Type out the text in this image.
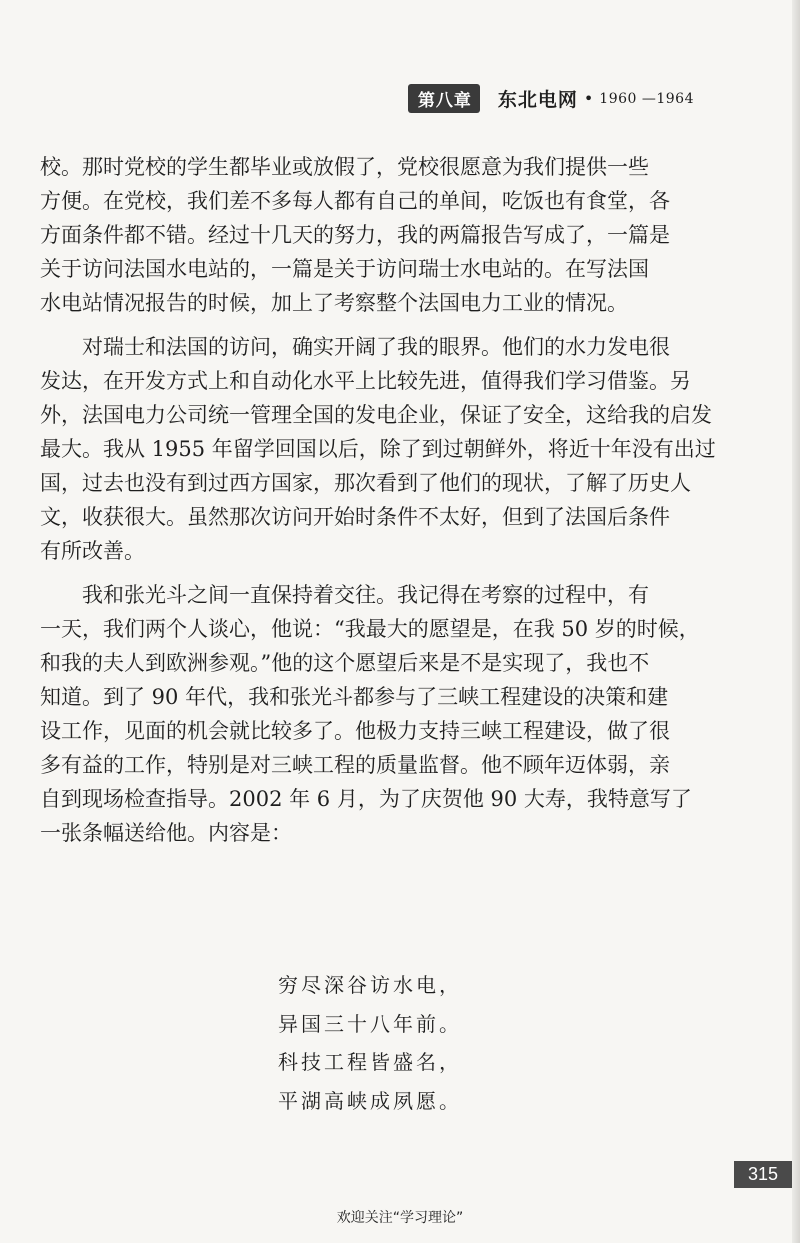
第八章	东北电网 • 1960 —1964
校。那时党校的学生都毕业或放假了，党校很愿意为我们提供一些
方便。在党校，我们差不多每人都有自己的单间，吃饭也有食堂，各
方面条件都不错。经过十几天的努力，我的两篇报告写成了，一篇是
关于访问法国水电站的，一篇是关于访问瑞士水电站的。在写法国
水电站情况报告的时候，加上了考察整个法国电力工业的情况。
对瑞士和法国的访问，确实开阔了我的眼界。他们的水力发电很
发达，在开发方式上和自动化水平上比较先进，值得我们学习借鉴。另
外，法国电力公司统一管理全国的发电企业，保证了安全，这给我的启发
最大。我从 1955 年留学回国以后，除了到过朝鲜外，将近十年没有出过
国，过去也没有到过西方国家，那次看到了他们的现状，了解了历史人
文，收获很大。虽然那次访问开始时条件不太好，但到了法国后条件
有所改善。
我和张光斗之间一直保持着交往。我记得在考察的过程中，有
一天，我们两个人谈心，他说：“我最大的愿望是，在我 50 岁的时候，
和我的夫人到欧洲参观。”他的这个愿望后来是不是实现了，我也不
知道。到了 90 年代，我和张光斗都参与了三峡工程建设的决策和建
设工作，见面的机会就比较多了。他极力支持三峡工程建设，做了很
多有益的工作，特别是对三峡工程的质量监督。他不顾年迈体弱，亲
自到现场检查指导。2002 年 6 月，为了庆贺他 90 大寿，我特意写了
一张条幅送给他。内容是：
穷尽深谷访水电，
异国三十八年前。
科技工程皆盛名，
平湖高峡成夙愿。
315
欢迎关注“学习理论”
